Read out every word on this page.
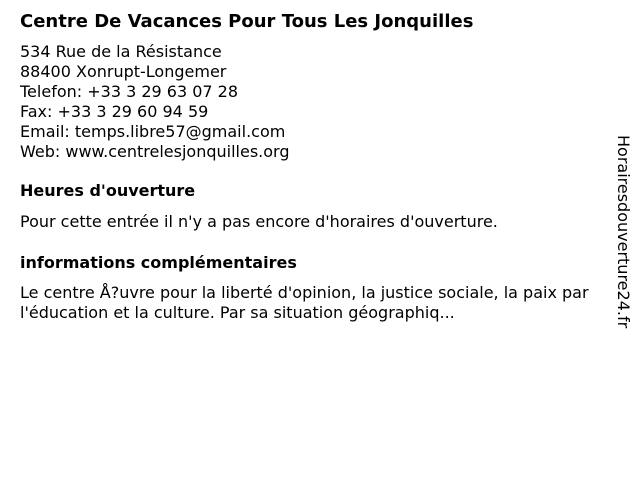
Centre De Vacances Pour Tous Les Jonquilles
534 Rue de la Résistance
88400 Xonrupt-Longemer
Telefon: +33 3 29 63 07 28
Fax: +33 3 29 60 94 59
Email: temps.libre57@gmail.com
Web: www.centrelesjonquilles.org
Heures d'ouverture
Pour cette entrée il n'y a pas encore d'horaires d'ouverture.
informations complémentaires
Le centre Å?uvre pour la liberté d'opinion, la justice sociale, la paix par l'éducation et la culture. Par sa situation géographiq...	Horairesdouverture24.fr
